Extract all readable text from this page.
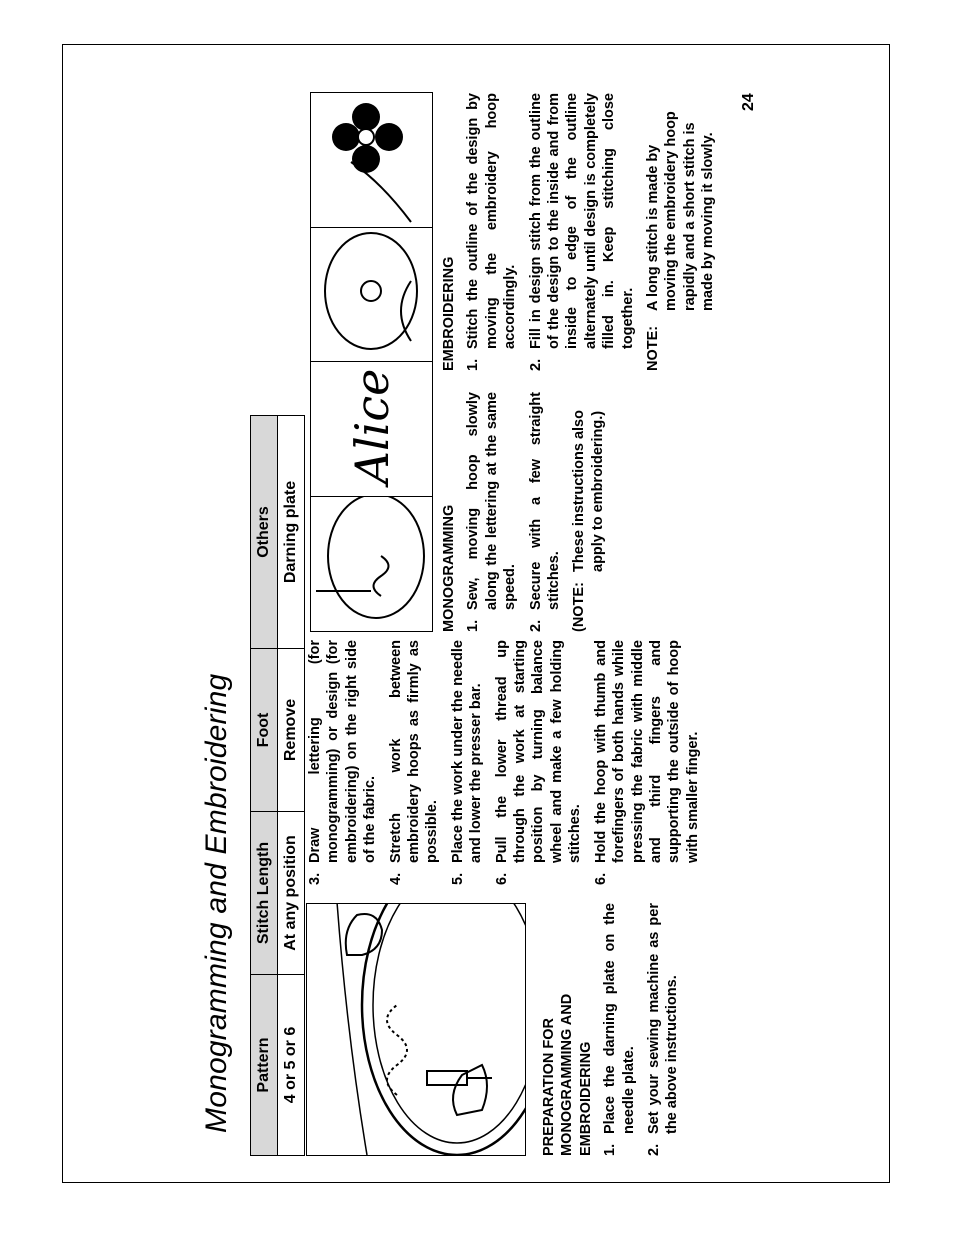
Monogramming and Embroidering Pattern	Stitch Length	Foot	Others
4 or 5 or 6	At any position	Remove	Darning plate
PREPARATION FOR MONOGRAMMING AND EMBROIDERING 1.
Place the darning plate on the needle plate.
2.
Set your sewing machine as per the above instructions.
3.
Draw lettering (for monogramming) or design (for embroidering) on the right side of the fabric.
4.
Stretch work between embroidery hoops as firmly as possible.
5.
Place the work under the needle and lower the presser bar.
6.
Pull the lower thread up through the work at starting position by turning balance wheel and make a few holding stitches.
6.
Hold the hoop with thumb and forefingers of both hands while pressing the fabric with middle and third fingers and supporting the outside of hoop with smaller finger.
Alice
MONOGRAMMING 1.
Sew, moving hoop slowly along the lettering at the same speed.
2.
Secure with a few straight stitches. (NOTE:
These instructions also apply to embroidering.)
EMBROIDERING 1.
Stitch the outline of the design by moving the embroidery hoop accordingly.
2.
Fill in design stitch from the outline of the design to the inside and from inside to edge of the outline alternately until design is completely filled in. Keep stitching close together. NOTE:
A long stitch is made by moving the embroidery hoop rapidly and a short stitch is made by moving it slowly.
24
